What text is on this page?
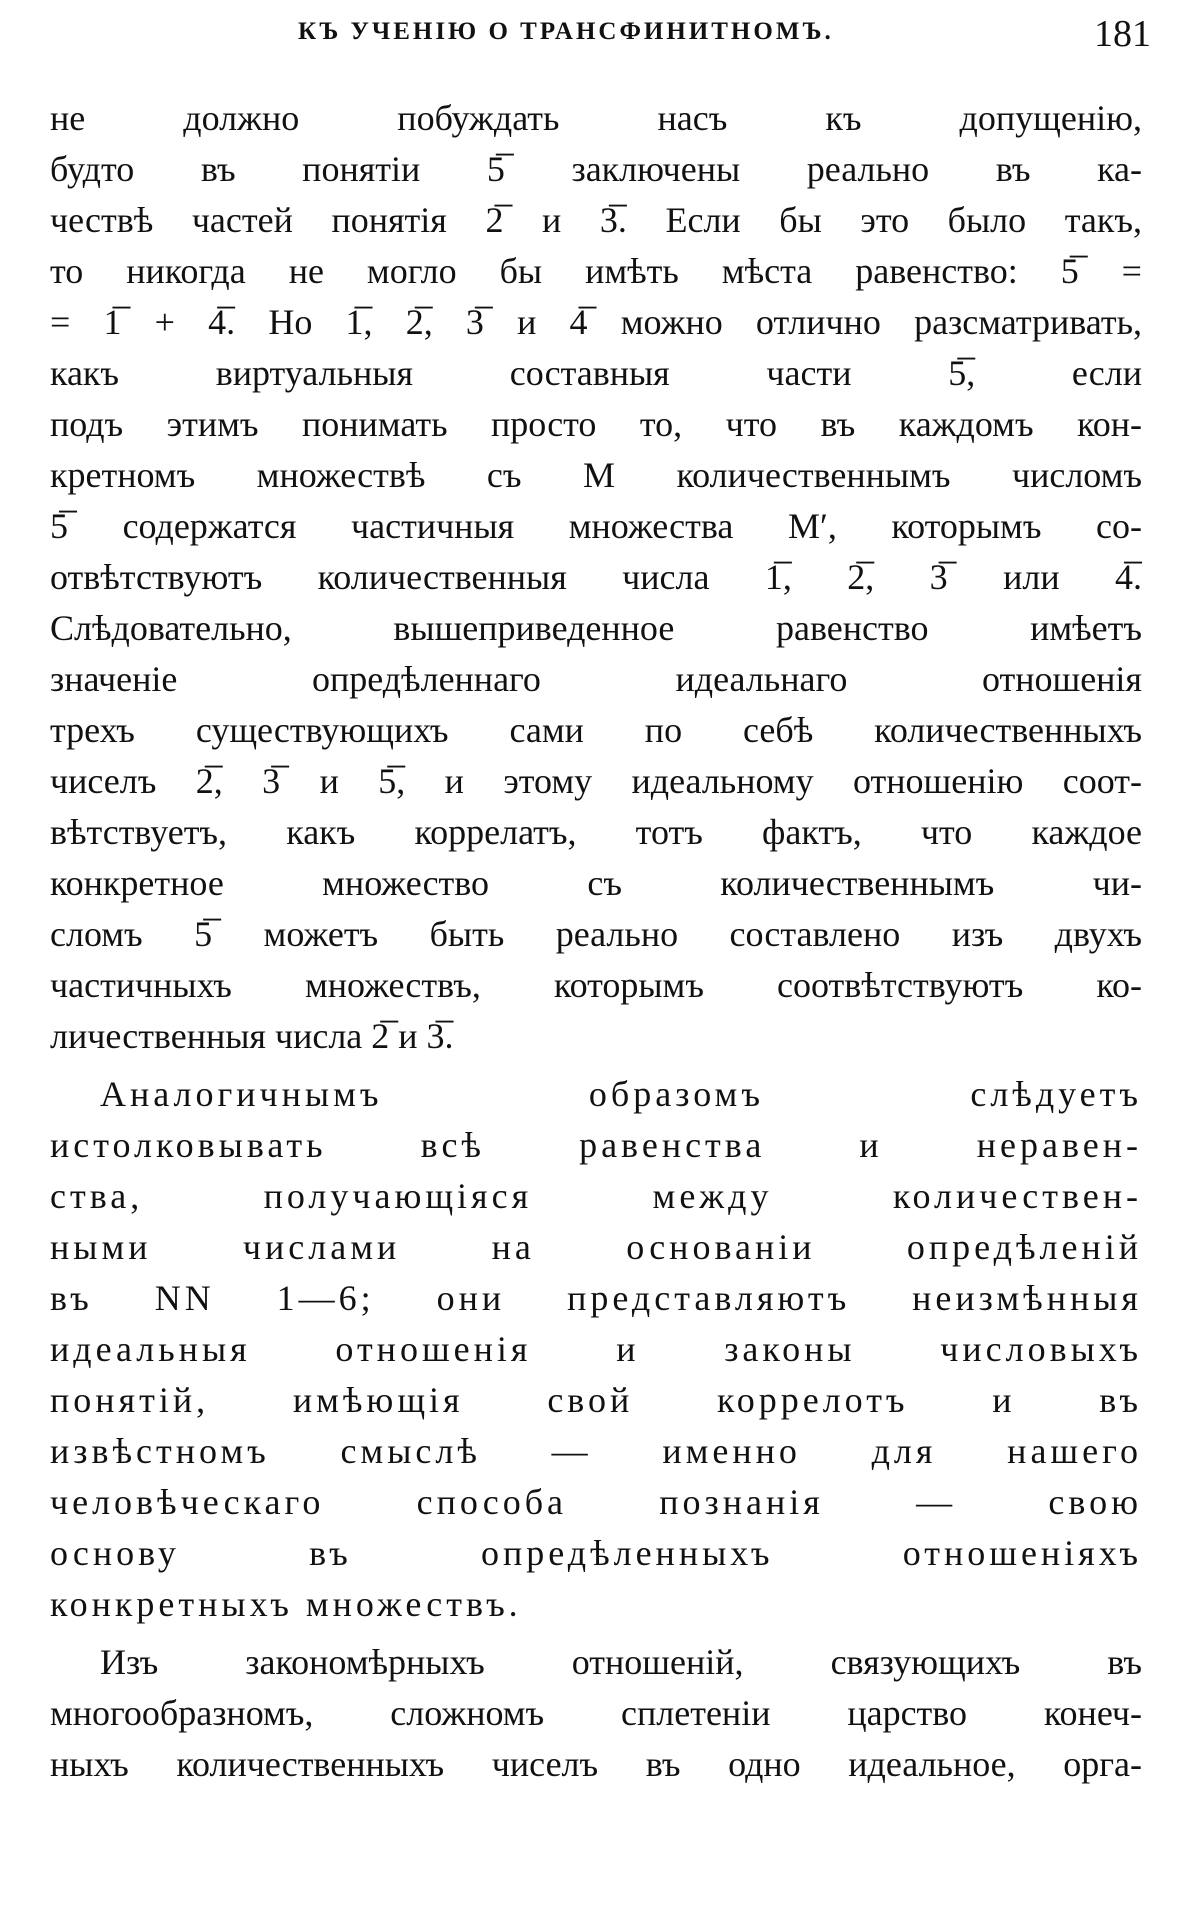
КЪ УЧЕНІЮ О ТРАНСФИНИТНОМЪ.	181
не должно побуждать насъ къ допущенію,
будто въ понятіи 5̅ заключены реально въ ка-
чествѣ частей понятія 2̅ и 3̅. Если бы это было такъ,
то никогда не могло бы имѣть мѣста равенство: 5̅ =
= 1̅ + 4̅. Но 1̅, 2̅, 3̅ и 4̅ можно отлично разсматривать,
какъ виртуальныя составныя части 5̅, если
подъ этимъ понимать просто то, что въ каждомъ кон-
кретномъ множествѣ съ M количественнымъ числомъ
5̅ содержатся частичныя множества M′, которымъ со-
отвѣтствуютъ количественныя числа 1̅, 2̅, 3̅ или 4̅.
Слѣдовательно, вышеприведенное равенство имѣетъ
значеніе опредѣленнаго идеальнаго отношенія
трехъ существующихъ сами по себѣ количественныхъ
чиселъ 2̅, 3̅ и 5̅, и этому идеальному отношенію соот-
вѣтствуетъ, какъ коррелатъ, тотъ фактъ, что каждое
конкретное множество съ количественнымъ чи-
сломъ 5̅ можетъ быть реально составлено изъ двухъ
частичныхъ множествъ, которымъ соотвѣтствуютъ ко-
личественныя числа 2̅ и 3̅.
Аналогичнымъ образомъ слѣдуетъ
истолковывать всѣ равенства и неравен-
ства, получающіяся между количествен-
ными числами на основаніи опредѣленій
въ NN 1—6; они представляютъ неизмѣнныя
идеальныя отношенія и законы числовыхъ
понятій, имѣющія свой коррелотъ и въ
извѣстномъ смыслѣ — именно для нашего
человѣческаго способа познанія — свою
основу въ опредѣленныхъ отношеніяхъ
конкретныхъ множествъ.
Изъ закономѣрныхъ отношеній, связующихъ въ
многообразномъ, сложномъ сплетеніи царство конеч-
ныхъ количественныхъ чиселъ въ одно идеальное, орга-
